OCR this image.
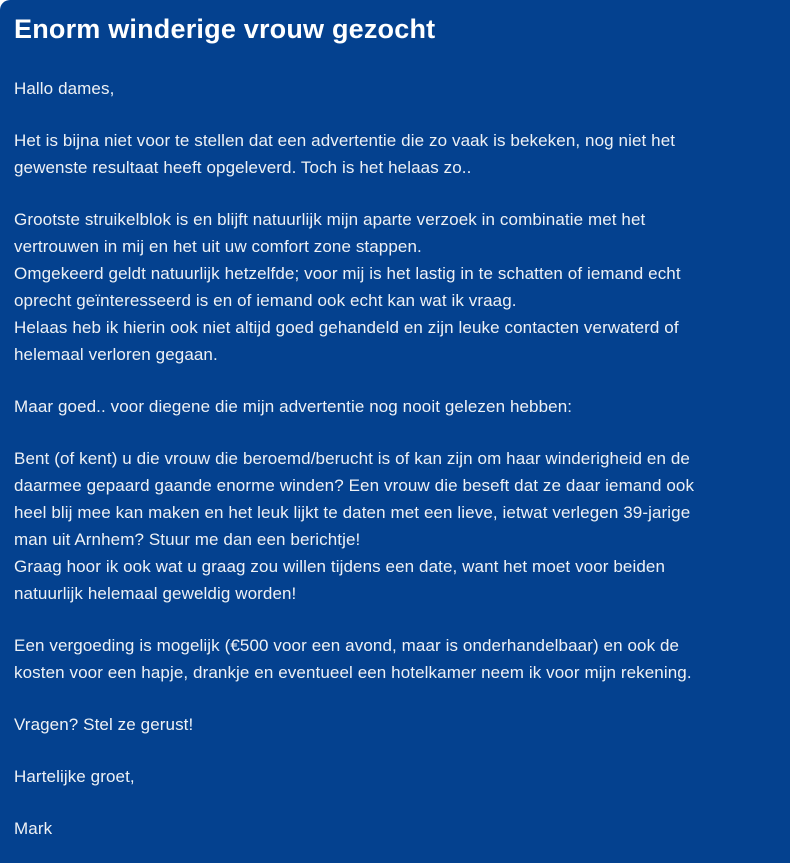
Enorm winderige vrouw gezocht

Hallo dames,

Het is bijna niet voor te stellen dat een advertentie die zo vaak is bekeken, nog niet het
gewenste resultaat heeft opgeleverd. Toch is het helaas zo..

Grootste struikelblok is en blijft natuurlijk mijn aparte verzoek in combinatie met het
vertrouwen in mij en het uit uw comfort zone stappen.
Omgekeerd geldt natuurlijk hetzelfde; voor mij is het lastig in te schatten of iemand echt
oprecht geïnteresseerd is en of iemand ook echt kan wat ik vraag.
Helaas heb ik hierin ook niet altijd goed gehandeld en zijn leuke contacten verwaterd of
helemaal verloren gegaan.

Maar goed.. voor diegene die mijn advertentie nog nooit gelezen hebben:

Bent (of kent) u die vrouw die beroemd/berucht is of kan zijn om haar winderigheid en de
daarmee gepaard gaande enorme winden? Een vrouw die beseft dat ze daar iemand ook
heel blij mee kan maken en het leuk lijkt te daten met een lieve, ietwat verlegen 39-jarige
man uit Arnhem? Stuur me dan een berichtje!
Graag hoor ik ook wat u graag zou willen tijdens een date, want het moet voor beiden
natuurlijk helemaal geweldig worden!

Een vergoeding is mogelijk (€500 voor een avond, maar is onderhandelbaar) en ook de
kosten voor een hapje, drankje en eventueel een hotelkamer neem ik voor mijn rekening.

Vragen? Stel ze gerust!

Hartelijke groet,

Mark
